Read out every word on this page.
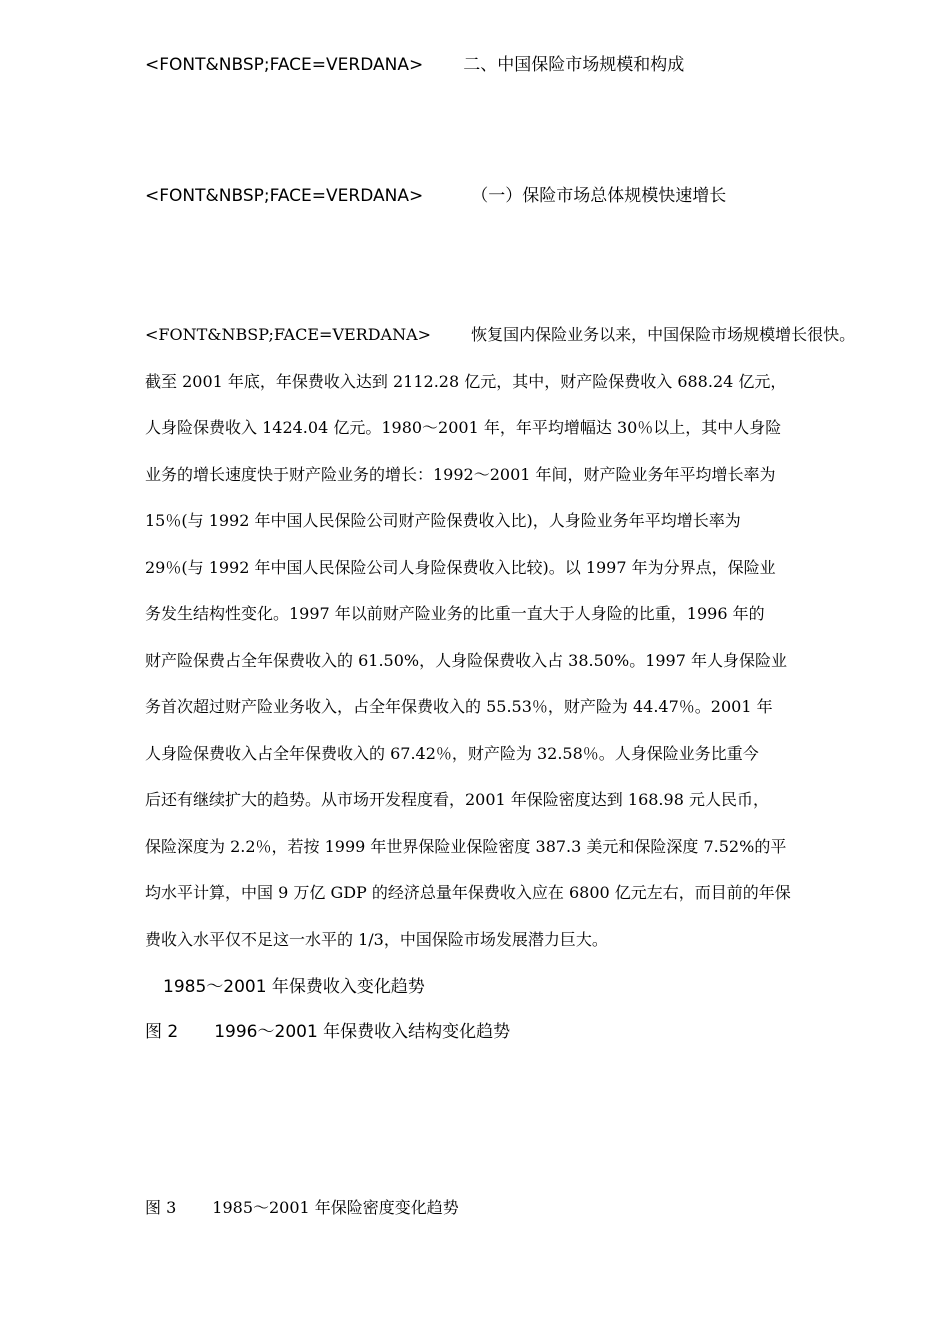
<FONT&NBSP;FACE=VERDANA> 二、中国保险市场规模和构成
<FONT&NBSP;FACE=VERDANA>	（一）保险市场总体规模快速增长
<FONT&NBSP;FACE=VERDANA>	恢复国内保险业务以来，中国保险市场规模增长很快。
截至 2001 年底，年保费收入达到 2112.28 亿元，其中，财产险保费收入 688.24 亿元，
人身险保费收入 1424.04 亿元。1980～2001 年，年平均增幅达 30％以上，其中人身险
业务的增长速度快于财产险业务的增长：1992～2001 年间，财产险业务年平均增长率为
15％(与 1992 年中国人民保险公司财产险保费收入比)，人身险业务年平均增长率为
29％(与 1992 年中国人民保险公司人身险保费收入比较)。以 1997 年为分界点，保险业
务发生结构性变化。1997 年以前财产险业务的比重一直大于人身险的比重，1996 年的
财产险保费占全年保费收入的 61.50%，人身险保费收入占 38.50%。1997 年人身保险业
务首次超过财产险业务收入，占全年保费收入的 55.53％，财产险为 44.47％。2001 年
人身险保费收入占全年保费收入的 67.42％，财产险为 32.58％。人身保险业务比重今
后还有继续扩大的趋势。从市场开发程度看，2001 年保险密度达到 168.98 元人民币，
保险深度为 2.2％，若按 1999 年世界保险业保险密度 387.3 美元和保险深度 7.52%的平
均水平计算，中国 9 万亿 GDP 的经济总量年保费收入应在 6800 亿元左右，而目前的年保
费收入水平仅不足这一水平的 1/3，中国保险市场发展潜力巨大。
1985～2001 年保费收入变化趋势
图 2 1996～2001 年保费收入结构变化趋势
图 3 1985～2001 年保险密度变化趋势
